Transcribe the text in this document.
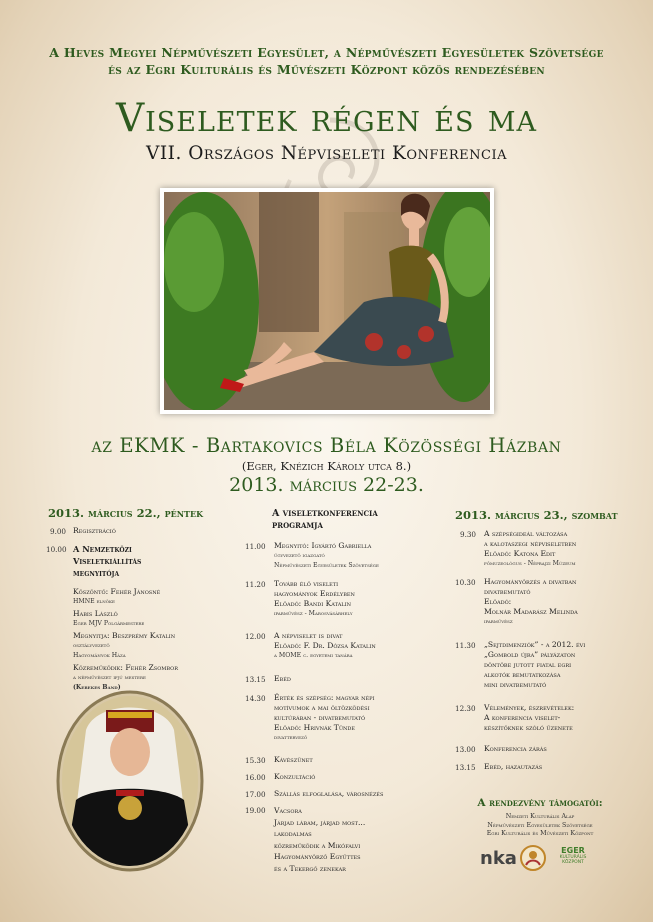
A Heves Megyei Népművészeti Egyesület, a Népművészeti Egyesületek Szövetsége
és az Egri Kulturális és Művészeti Központ közös rendezésében
Viseletek régen és ma
VII. Országos Népviseleti Konferencia
az EKMK - Bartakovics Béla Közösségi Házban
(Eger, Knézich Károly utca 8.)
2013. március 22-23.
2013. március 22., péntek
9.00 Regisztráció
10.00 A Nemzetközi
Viseletkiállítás
megnyitója
Köszöntő: Fehér Jánosné
HMNE elnöke
Habis László
Eger MJV Polgármestere
Megnyitja: Beszprémy Katalin
osztályvezető
Hagyományok Háza
Közreműködik: Fehér Zsombor
a népművészet ifjú mestere
(Kerekes Band)
A viseletkonferencia
programja
11.00 Megnyitó: Igyártó Gabriella
ügyvezető igazgató
Népművészeti Egyesületek Szövetsége
11.20 Tovább élő viseleti
hagyományok Erdélyben
Előadó: Bandi Katalin
iparművész - Marosvásárhely
12.00 A népviselet is divat
Előadó: F. Dr. Dózsa Katalin
a MOME c. egyetemi tanára
13.15 Ebéd
14.30 Érték és szépség: magyar népi
motívumok a mai öltözködési
kultúrában - divatbemutató
Előadó: Hrivnák Tünde
divattervező
15.30 Kávészünet
16.00 Konzultáció
17.00 Szállás elfoglalása, városnézés
19.00 Vacsora
Járjad lábam, járjad most...
lakodalmas
közreműködik a Mikófalvi
Hagyományőrző Együttes
és a Tekergő zenekar
2013. március 23., szombat
9.30 A szépségideál változása
a kalotaszegi népviseletben
Előadó: Katona Edit
főmuzeológus - Néprajzi Múzeum
10.30 Hagyományőrzés a divatban
divatbemutató
Előadó:
Molnár Madarász Melinda
iparművész
11.30 „Sejtdimenziók” - a 2012. évi
„Gombold újra” pályázaton
döntőbe jutott fiatal egri
alkotók bemutatkozása
mini divatbemutató
12.30 Vélemények, észrevételek:
A konferencia viselet-
készítőknek szóló üzenete
13.00 Konferencia zárás
13.15 Ebéd, hazautazás
A rendezvény támogatói:
Nemzeti Kulturális Alap
Népművészeti Egyesületek Szövetsége
Egri Kulturális és Művészeti Központ
nka	EGER
KULTURÁLIS KÖZPONT
